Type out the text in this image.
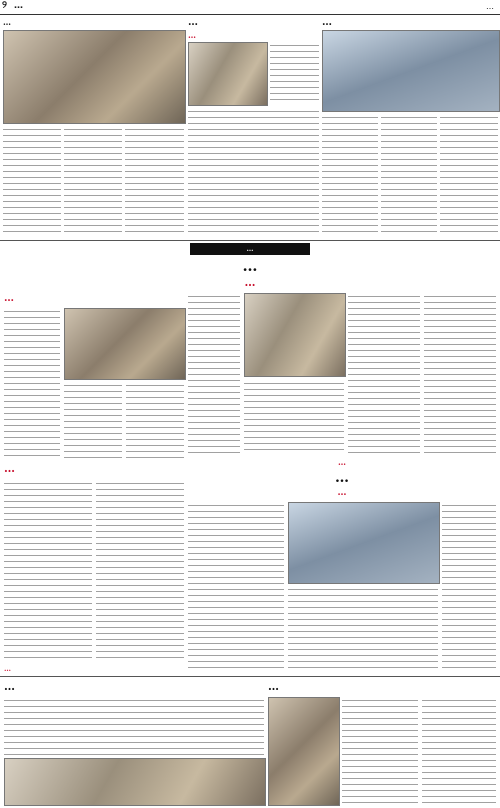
୨ …	…
…	…
…
…
…
…
…
…
…
…
…
…
…
…	…
